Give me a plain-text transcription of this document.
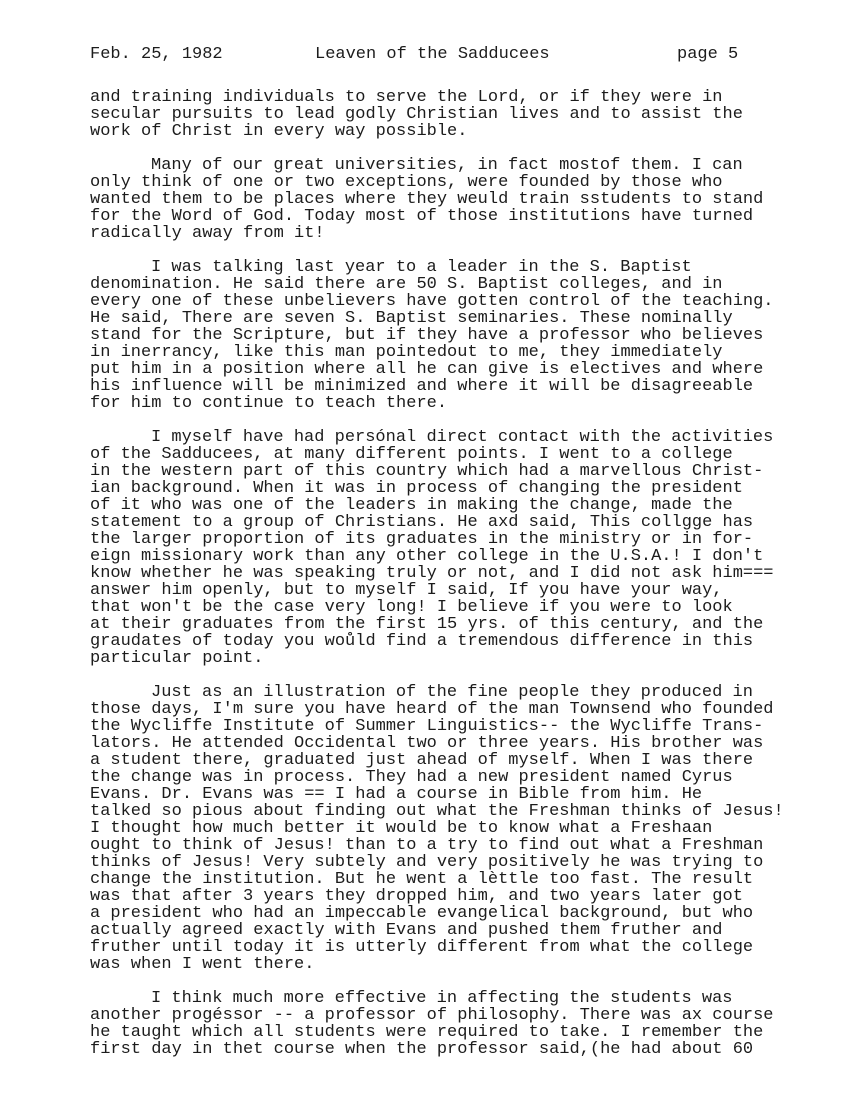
Feb. 25, 1982	Leaven of the Sadducees	page 5
and training individuals to serve the Lord, or if they were in
secular pursuits to lead godly Christian lives and to assist the
work of Christ in every way possible.
Many of our great universities, in fact mostof them. I can
only think of one or two exceptions, were founded by those who
wanted them to be places where they weuld train sstudents to stand
for the Word of God. Today most of those institutions have turned
radically away from it!
I was talking last year to a leader in the S. Baptist
denomination. He said there are 50 S. Baptist colleges, and in
every one of these unbelievers have gotten control of the teaching.
He said, There are seven S. Baptist seminaries. These nominally
stand for the Scripture, but if they have a professor who believes
in inerrancy, like this man pointedout to me, they immediately
put him in a position where all he can give is electives and where
his influence will be minimized and where it will be disagreeable
for him to continue to teach there.
I myself have had persónal direct contact with the activities
of the Sadducees, at many different points. I went to a college
in the western part of this country which had a marvellous Christ-
ian background. When it was in process of changing the president
of it who was one of the leaders in making the change, made the
statement to a group of Christians. He axd said, This collgge has
the larger proportion of its graduates in the ministry or in for-
eign missionary work than any other college in the U.S.A.! I don't
know whether he was speaking truly or not, and I did not ask him===
answer him openly, but to myself I said, If you have your way,
that won't be the case very long! I believe if you were to look
at their graduates from the first 15 yrs. of this century, and the
graudates of today you woůld find a tremendous difference in this
particular point.
Just as an illustration of the fine people they produced in
those days, I'm sure you have heard of the man Townsend who founded
the Wycliffe Institute of Summer Linguistics-- the Wycliffe Trans-
lators. He attended Occidental two or three years. His brother was
a student there, graduated just ahead of myself. When I was there
the change was in process. They had a new president named Cyrus
Evans. Dr. Evans was == I had a course in Bible from him. He
talked so pious about finding out what the Freshman thinks of Jesus!
I thought how much better it would be to know what a Freshaan
ought to think of Jesus! than to a try to find out what a Freshman
thinks of Jesus! Very subtely and very positively he was trying to
change the institution. But he went a lèttle too fast. The result
was that after 3 years they dropped him, and two years later got
a president who had an impeccable evangelical background, but who
actually agreed exactly with Evans and pushed them fruther and
fruther until today it is utterly different from what the college
was when I went there.
I think much more effective in affecting the students was
another progéssor -- a professor of philosophy. There was ax course
he taught which all students were required to take. I remember the
first day in thet course when the professor said,(he had about 60
